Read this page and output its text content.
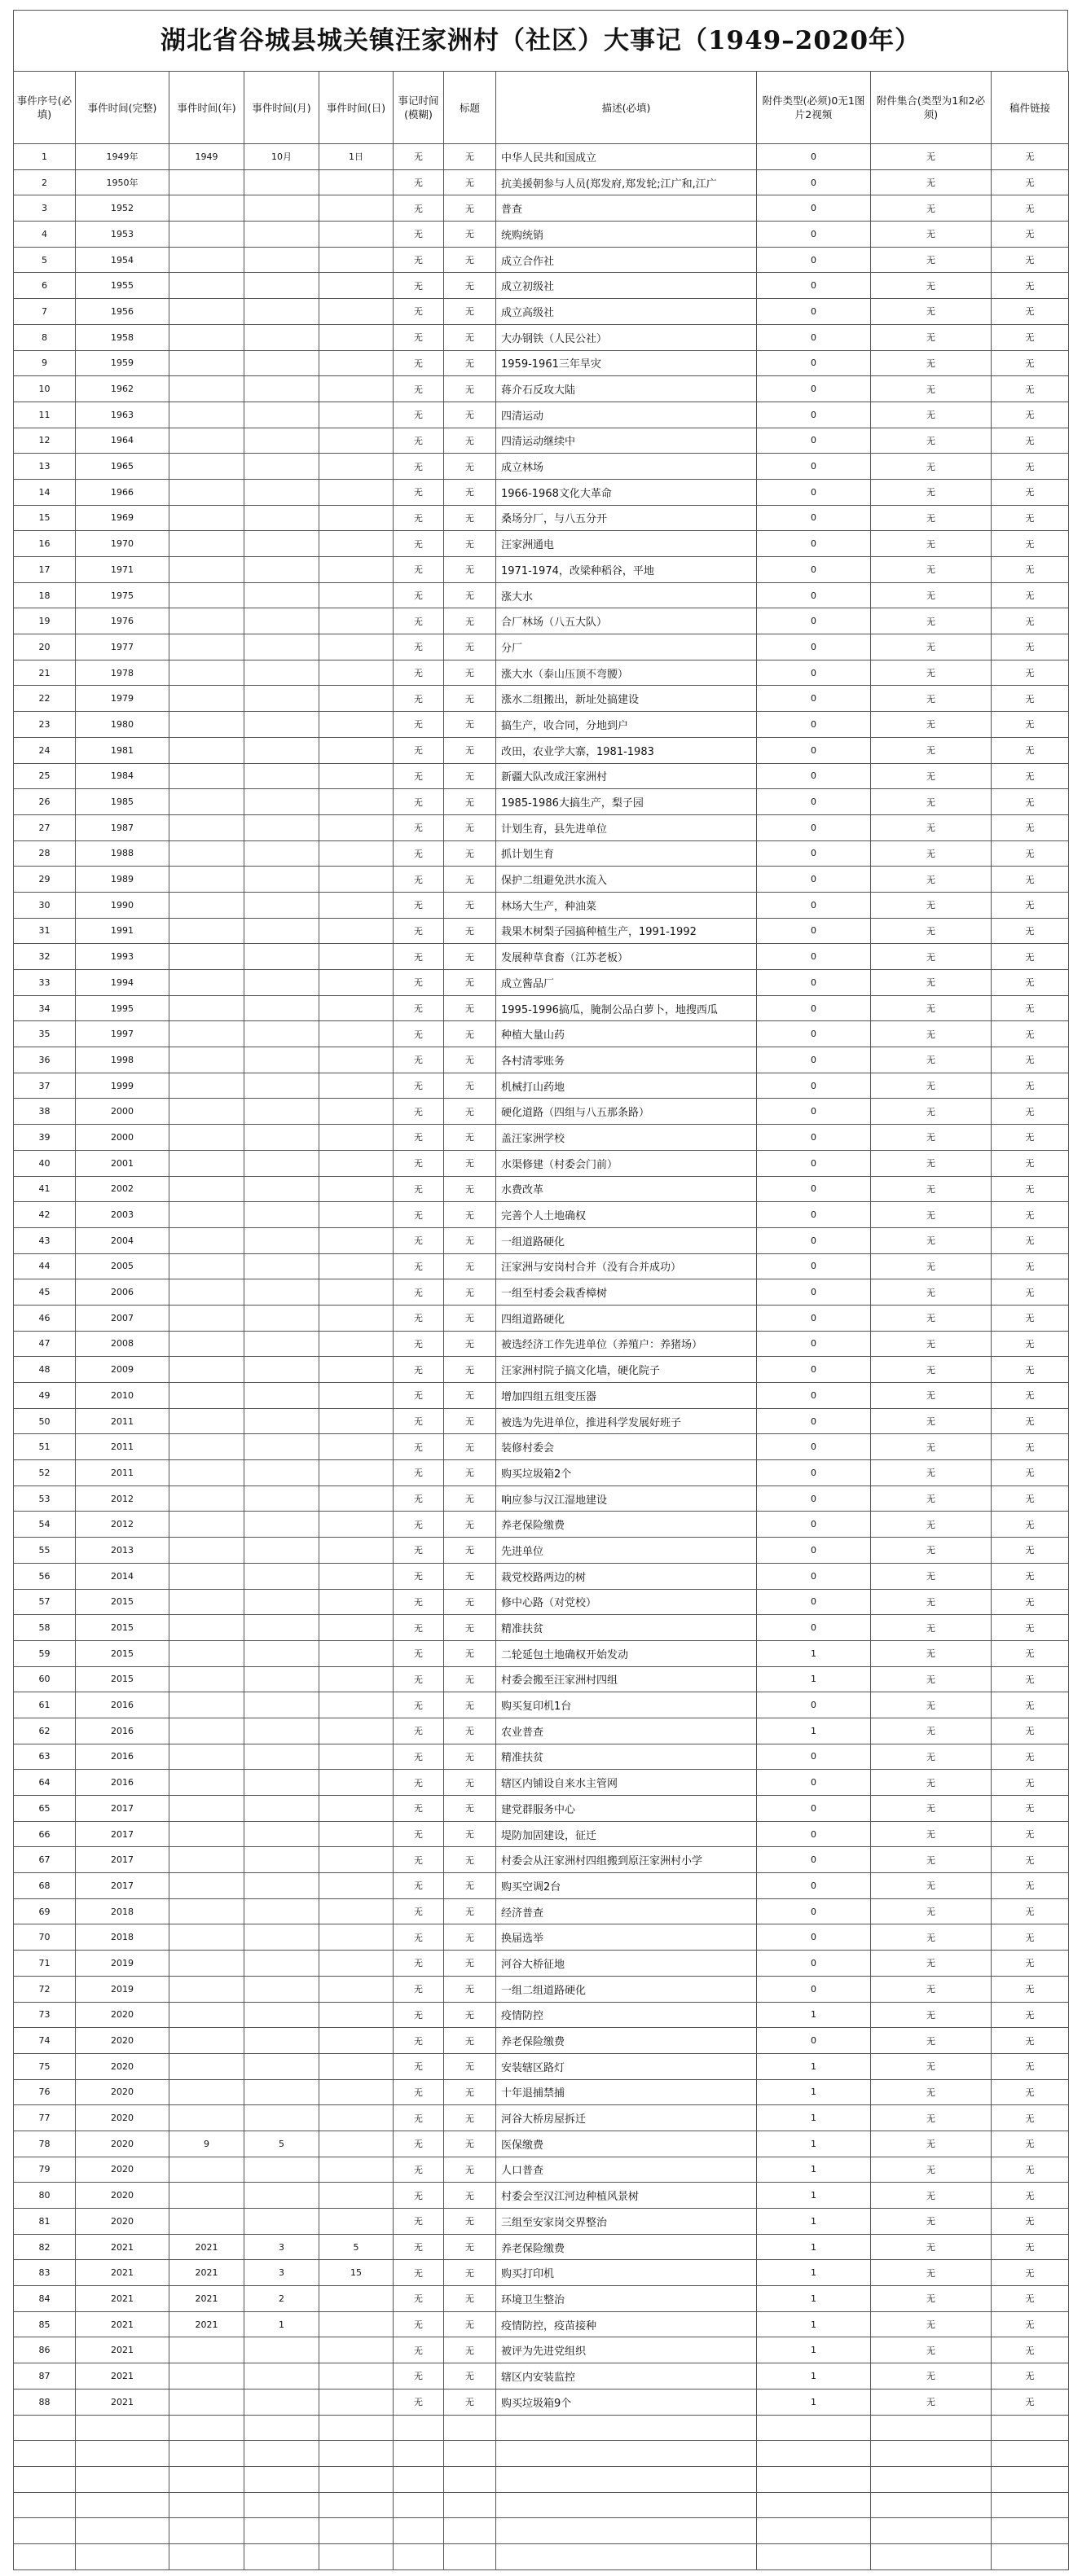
湖北省谷城县城关镇汪家洲村（社区）大事记（1949–2020年）
事件序号(必填)	事件时间(完整)	事件时间(年)	事件时间(月)	事件时间(日)	事记时间(模糊)	标题	描述(必填)	附件类型(必须)0无1图片2视频	附件集合(类型为1和2必须)	稿件链接
1	1949年	1949	10月	1日	无	无	中华人民共和国成立	0	无	无
2	1950年				无	无	抗美援朝参与人员(郑发府,郑发轮;江广和,江广	0	无	无
3	1952				无	无	普查	0	无	无
4	1953				无	无	统购统销	0	无	无
5	1954				无	无	成立合作社	0	无	无
6	1955				无	无	成立初级社	0	无	无
7	1956				无	无	成立高级社	0	无	无
8	1958				无	无	大办钢铁（人民公社）	0	无	无
9	1959				无	无	1959-1961三年旱灾	0	无	无
10	1962				无	无	蒋介石反攻大陆	0	无	无
11	1963				无	无	四清运动	0	无	无
12	1964				无	无	四清运动继续中	0	无	无
13	1965				无	无	成立林场	0	无	无
14	1966				无	无	1966-1968文化大革命	0	无	无
15	1969				无	无	桑场分厂，与八五分开	0	无	无
16	1970				无	无	汪家洲通电	0	无	无
17	1971				无	无	1971-1974，改梁种稻谷，平地	0	无	无
18	1975				无	无	涨大水	0	无	无
19	1976				无	无	合厂林场（八五大队）	0	无	无
20	1977				无	无	分厂	0	无	无
21	1978				无	无	涨大水（泰山压顶不弯腰）	0	无	无
22	1979				无	无	涨水二组搬出，新址处搞建设	0	无	无
23	1980				无	无	搞生产，收合同，分地到户	0	无	无
24	1981				无	无	改田，农业学大寨，1981-1983	0	无	无
25	1984				无	无	新疆大队改成汪家洲村	0	无	无
26	1985				无	无	1985-1986大搞生产，梨子园	0	无	无
27	1987				无	无	计划生育，县先进单位	0	无	无
28	1988				无	无	抓计划生育	0	无	无
29	1989				无	无	保护二组避免洪水流入	0	无	无
30	1990				无	无	林场大生产，种油菜	0	无	无
31	1991				无	无	栽果木树梨子园搞种植生产，1991-1992	0	无	无
32	1993				无	无	发展种草食畜（江苏老板）	0	无	无
33	1994				无	无	成立酱品厂	0	无	无
34	1995				无	无	1995-1996搞瓜，腌制公品白萝卜，地搜西瓜	0	无	无
35	1997				无	无	种植大量山药	0	无	无
36	1998				无	无	各村清零账务	0	无	无
37	1999				无	无	机械打山药地	0	无	无
38	2000				无	无	硬化道路（四组与八五那条路）	0	无	无
39	2000				无	无	盖汪家洲学校	0	无	无
40	2001				无	无	水渠修建（村委会门前）	0	无	无
41	2002				无	无	水费改革	0	无	无
42	2003				无	无	完善个人土地确权	0	无	无
43	2004				无	无	一组道路硬化	0	无	无
44	2005				无	无	汪家洲与安岗村合并（没有合并成功）	0	无	无
45	2006				无	无	一组至村委会栽香樟树	0	无	无
46	2007				无	无	四组道路硬化	0	无	无
47	2008				无	无	被选经济工作先进单位（养殖户：养猪场）	0	无	无
48	2009				无	无	汪家洲村院子搞文化墙，硬化院子	0	无	无
49	2010				无	无	增加四组五组变压器	0	无	无
50	2011				无	无	被选为先进单位，推进科学发展好班子	0	无	无
51	2011				无	无	装修村委会	0	无	无
52	2011				无	无	购买垃圾箱2个	0	无	无
53	2012				无	无	响应参与汉江湿地建设	0	无	无
54	2012				无	无	养老保险缴费	0	无	无
55	2013				无	无	先进单位	0	无	无
56	2014				无	无	栽党校路两边的树	0	无	无
57	2015				无	无	修中心路（对党校）	0	无	无
58	2015				无	无	精准扶贫	0	无	无
59	2015				无	无	二轮延包土地确权开始发动	1	无	无
60	2015				无	无	村委会搬至汪家洲村四组	1	无	无
61	2016				无	无	购买复印机1台	0	无	无
62	2016				无	无	农业普查	1	无	无
63	2016				无	无	精准扶贫	0	无	无
64	2016				无	无	辖区内铺设自来水主管网	0	无	无
65	2017				无	无	建党群服务中心	0	无	无
66	2017				无	无	堤防加固建设，征迁	0	无	无
67	2017				无	无	村委会从汪家洲村四组搬到原汪家洲村小学	0	无	无
68	2017				无	无	购买空调2台	0	无	无
69	2018				无	无	经济普查	0	无	无
70	2018				无	无	换届选举	0	无	无
71	2019				无	无	河谷大桥征地	0	无	无
72	2019				无	无	一组二组道路硬化	0	无	无
73	2020				无	无	疫情防控	1	无	无
74	2020				无	无	养老保险缴费	0	无	无
75	2020				无	无	安装辖区路灯	1	无	无
76	2020				无	无	十年退捕禁捕	1	无	无
77	2020				无	无	河谷大桥房屋拆迁	1	无	无
78	2020	9	5		无	无	医保缴费	1	无	无
79	2020				无	无	人口普查	1	无	无
80	2020				无	无	村委会至汉江河边种植风景树	1	无	无
81	2020				无	无	三组至安家岗交界整治	1	无	无
82	2021	2021	3	5	无	无	养老保险缴费	1	无	无
83	2021	2021	3	15	无	无	购买打印机	1	无	无
84	2021	2021	2		无	无	环境卫生整治	1	无	无
85	2021	2021	1		无	无	疫情防控，疫苗接种	1	无	无
86	2021				无	无	被评为先进党组织	1	无	无
87	2021				无	无	辖区内安装监控	1	无	无
88	2021				无	无	购买垃圾箱9个	1	无	无
